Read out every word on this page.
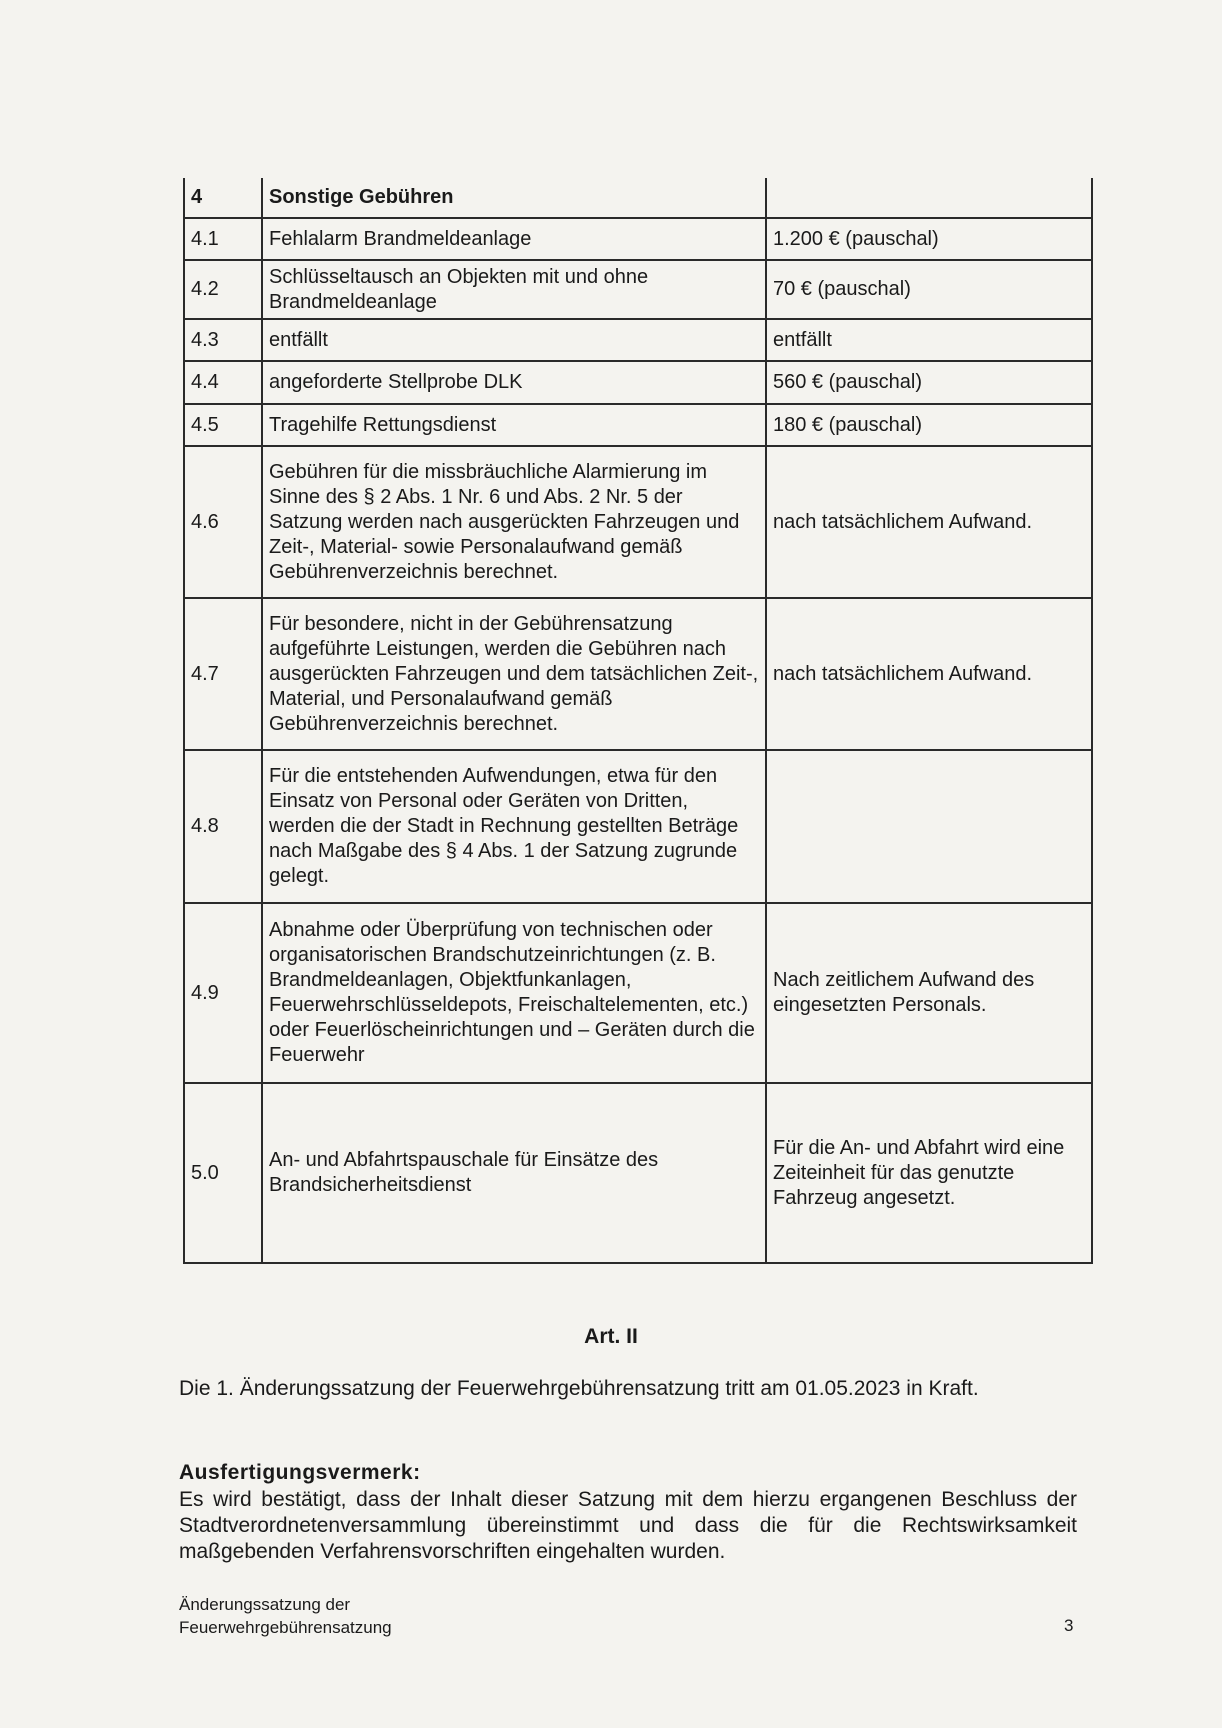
4	Sonstige Gebühren	
4.1	Fehlalarm Brandmeldeanlage	1.200 € (pauschal)
4.2	Schlüsseltausch an Objekten mit und ohne Brandmeldeanlage	70 € (pauschal)
4.3	entfällt	entfällt
4.4	angeforderte Stellprobe DLK	560 € (pauschal)
4.5	Tragehilfe Rettungsdienst	180 € (pauschal)
4.6	Gebühren für die missbräuchliche Alarmierung im Sinne des § 2 Abs. 1 Nr. 6 und Abs. 2 Nr. 5 der Satzung werden nach ausgerückten Fahrzeugen und Zeit-, Material- sowie Personalaufwand gemäß Gebührenverzeichnis berechnet.	nach tatsächlichem Aufwand.
4.7	Für besondere, nicht in der Gebührensatzung aufgeführte Leistungen, werden die Gebühren nach ausgerückten Fahrzeugen und dem tatsächlichen Zeit-, Material, und Personalaufwand gemäß Gebührenverzeichnis berechnet.	nach tatsächlichem Aufwand.
4.8	Für die entstehenden Aufwendungen, etwa für den Einsatz von Personal oder Geräten von Dritten, werden die der Stadt in Rechnung gestellten Beträge nach Maßgabe des § 4 Abs. 1 der Satzung zugrunde gelegt.	
4.9	Abnahme oder Überprüfung von technischen oder organisatorischen Brandschutzeinrichtungen (z. B. Brandmeldeanlagen, Objektfunkanlagen, Feuerwehrschlüsseldepots, Freischaltelementen, etc.) oder Feuerlöscheinrichtungen und – Geräten durch die Feuerwehr	Nach zeitlichem Aufwand des eingesetzten Personals.
5.0	An- und Abfahrtspauschale für Einsätze des Brandsicherheitsdienst	Für die An- und Abfahrt wird eine Zeiteinheit für das genutzte Fahrzeug angesetzt.
Art. II
Die 1. Änderungssatzung der Feuerwehrgebührensatzung tritt am 01.05.2023 in Kraft.
Ausfertigungsvermerk:
Es wird bestätigt, dass der Inhalt dieser Satzung mit dem hierzu ergangenen Beschluss der Stadtverordnetenversammlung übereinstimmt und dass die für die Rechtswirksamkeit maßgebenden Verfahrensvorschriften eingehalten wurden.
Änderungssatzung der
Feuerwehrgebührensatzung	3
